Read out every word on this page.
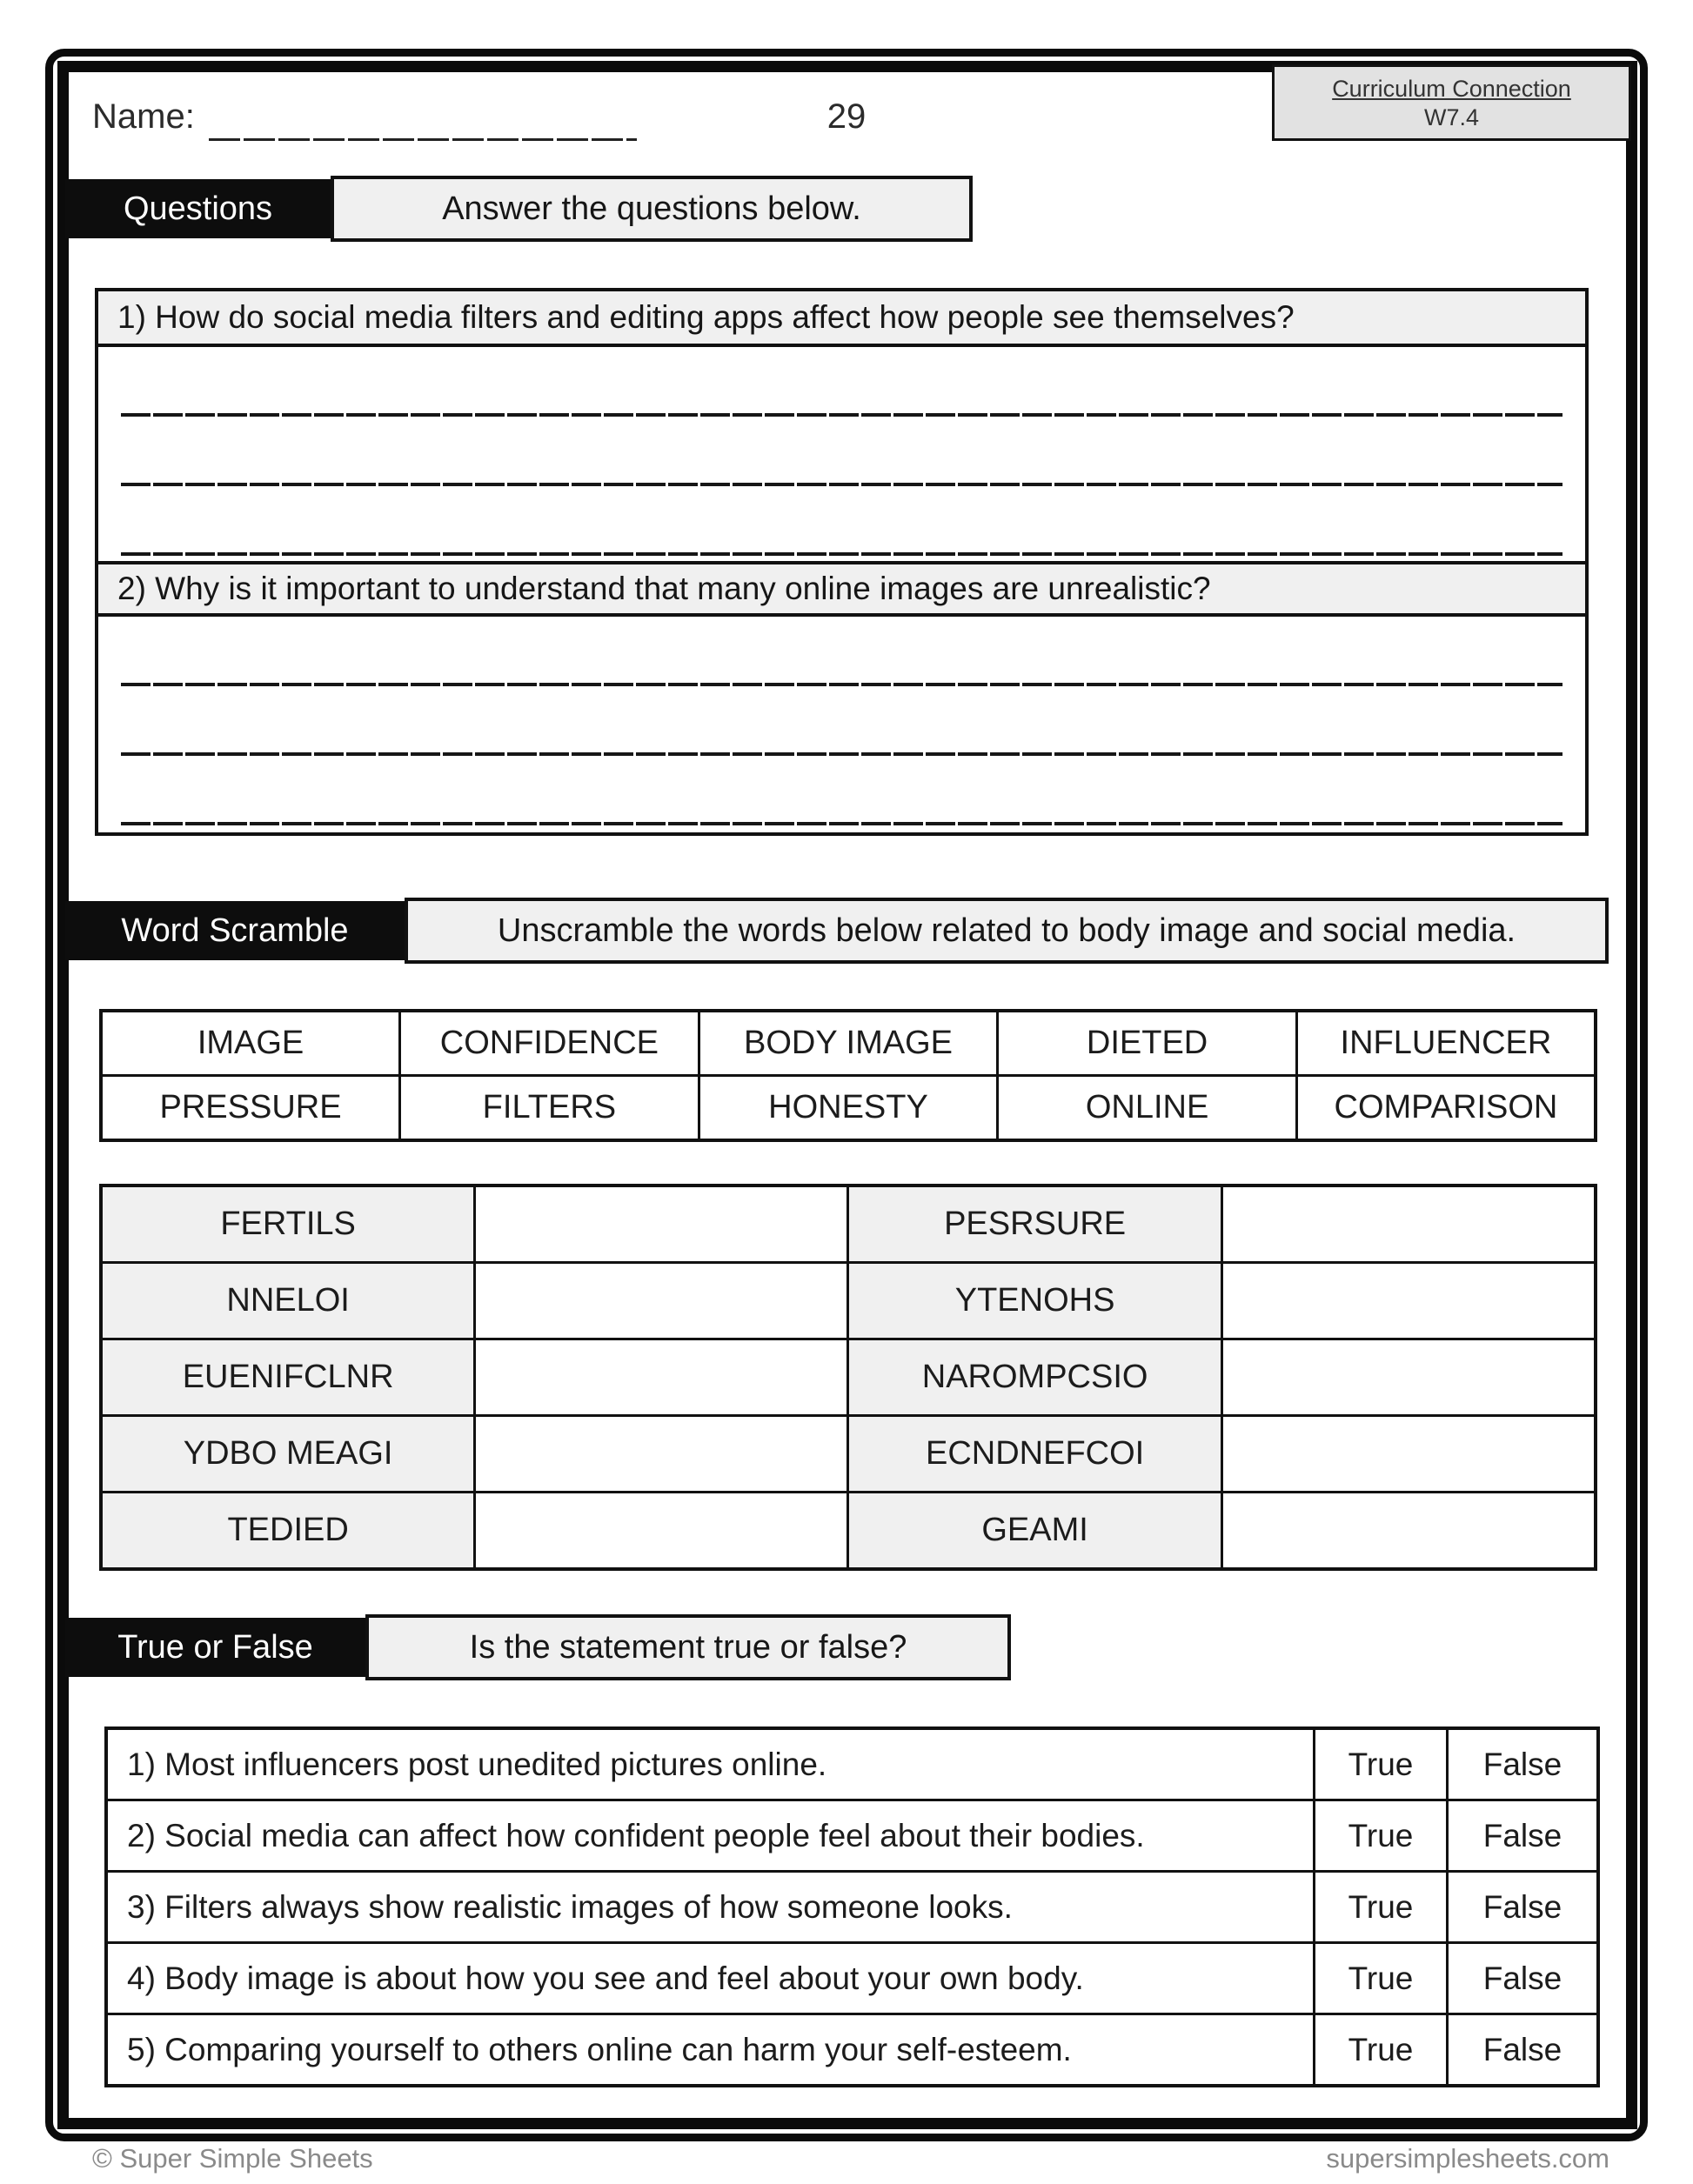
Curriculum Connection
W7.4
Name:	29
Questions	Answer the questions below.
1) How do social media filters and editing apps affect how people see themselves?
2) Why is it important to understand that many online images are unrealistic?
Word Scramble	Unscramble the words below related to body image and social media.
IMAGE	CONFIDENCE	BODY IMAGE	DIETED	INFLUENCER
PRESSURE	FILTERS	HONESTY	ONLINE	COMPARISON
FERTILS		PESRSURE	
NNELOI		YTENOHS	
EUENIFCLNR		NAROMPCSIO	
YDBO MEAGI		ECNDNEFCOI	
TEDIED		GEAMI	
True or False	Is the statement true or false?
1) Most influencers post unedited pictures online.	True	False
2) Social media can affect how confident people feel about their bodies.	True	False
3) Filters always show realistic images of how someone looks.	True	False
4) Body image is about how you see and feel about your own body.	True	False
5) Comparing yourself to others online can harm your self-esteem.	True	False
© Super Simple Sheets	supersimplesheets.com
